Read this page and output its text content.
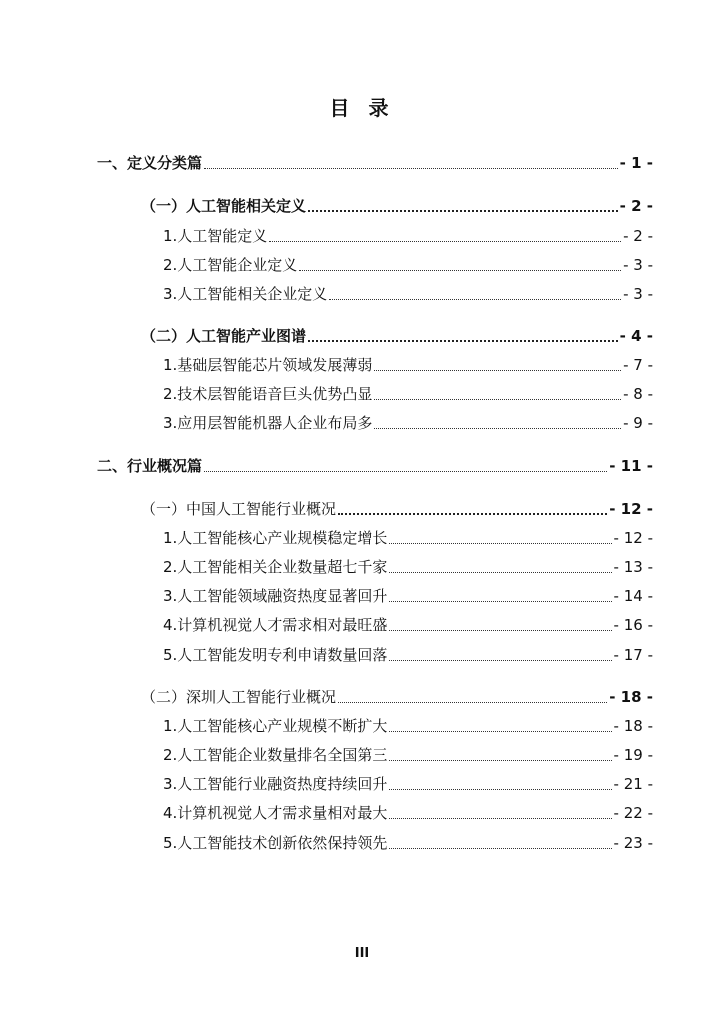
目 录
一、定义分类篇	- 1 -
（一）人工智能相关定义	- 2 -
1.人工智能定义	- 2 -
2.人工智能企业定义	- 3 -
3.人工智能相关企业定义	- 3 -
（二）人工智能产业图谱	- 4 -
1.基础层智能芯片领域发展薄弱	- 7 -
2.技术层智能语音巨头优势凸显	- 8 -
3.应用层智能机器人企业布局多	- 9 -
二、行业概况篇	- 11 -
（一）中国人工智能行业概况	- 12 -
1.人工智能核心产业规模稳定增长	- 12 -
2.人工智能相关企业数量超七千家	- 13 -
3.人工智能领域融资热度显著回升	- 14 -
4.计算机视觉人才需求相对最旺盛	- 16 -
5.人工智能发明专利申请数量回落	- 17 -
（二）深圳人工智能行业概况	- 18 -
1.人工智能核心产业规模不断扩大	- 18 -
2.人工智能企业数量排名全国第三	- 19 -
3.人工智能行业融资热度持续回升	- 21 -
4.计算机视觉人才需求量相对最大	- 22 -
5.人工智能技术创新依然保持领先	- 23 -
III
